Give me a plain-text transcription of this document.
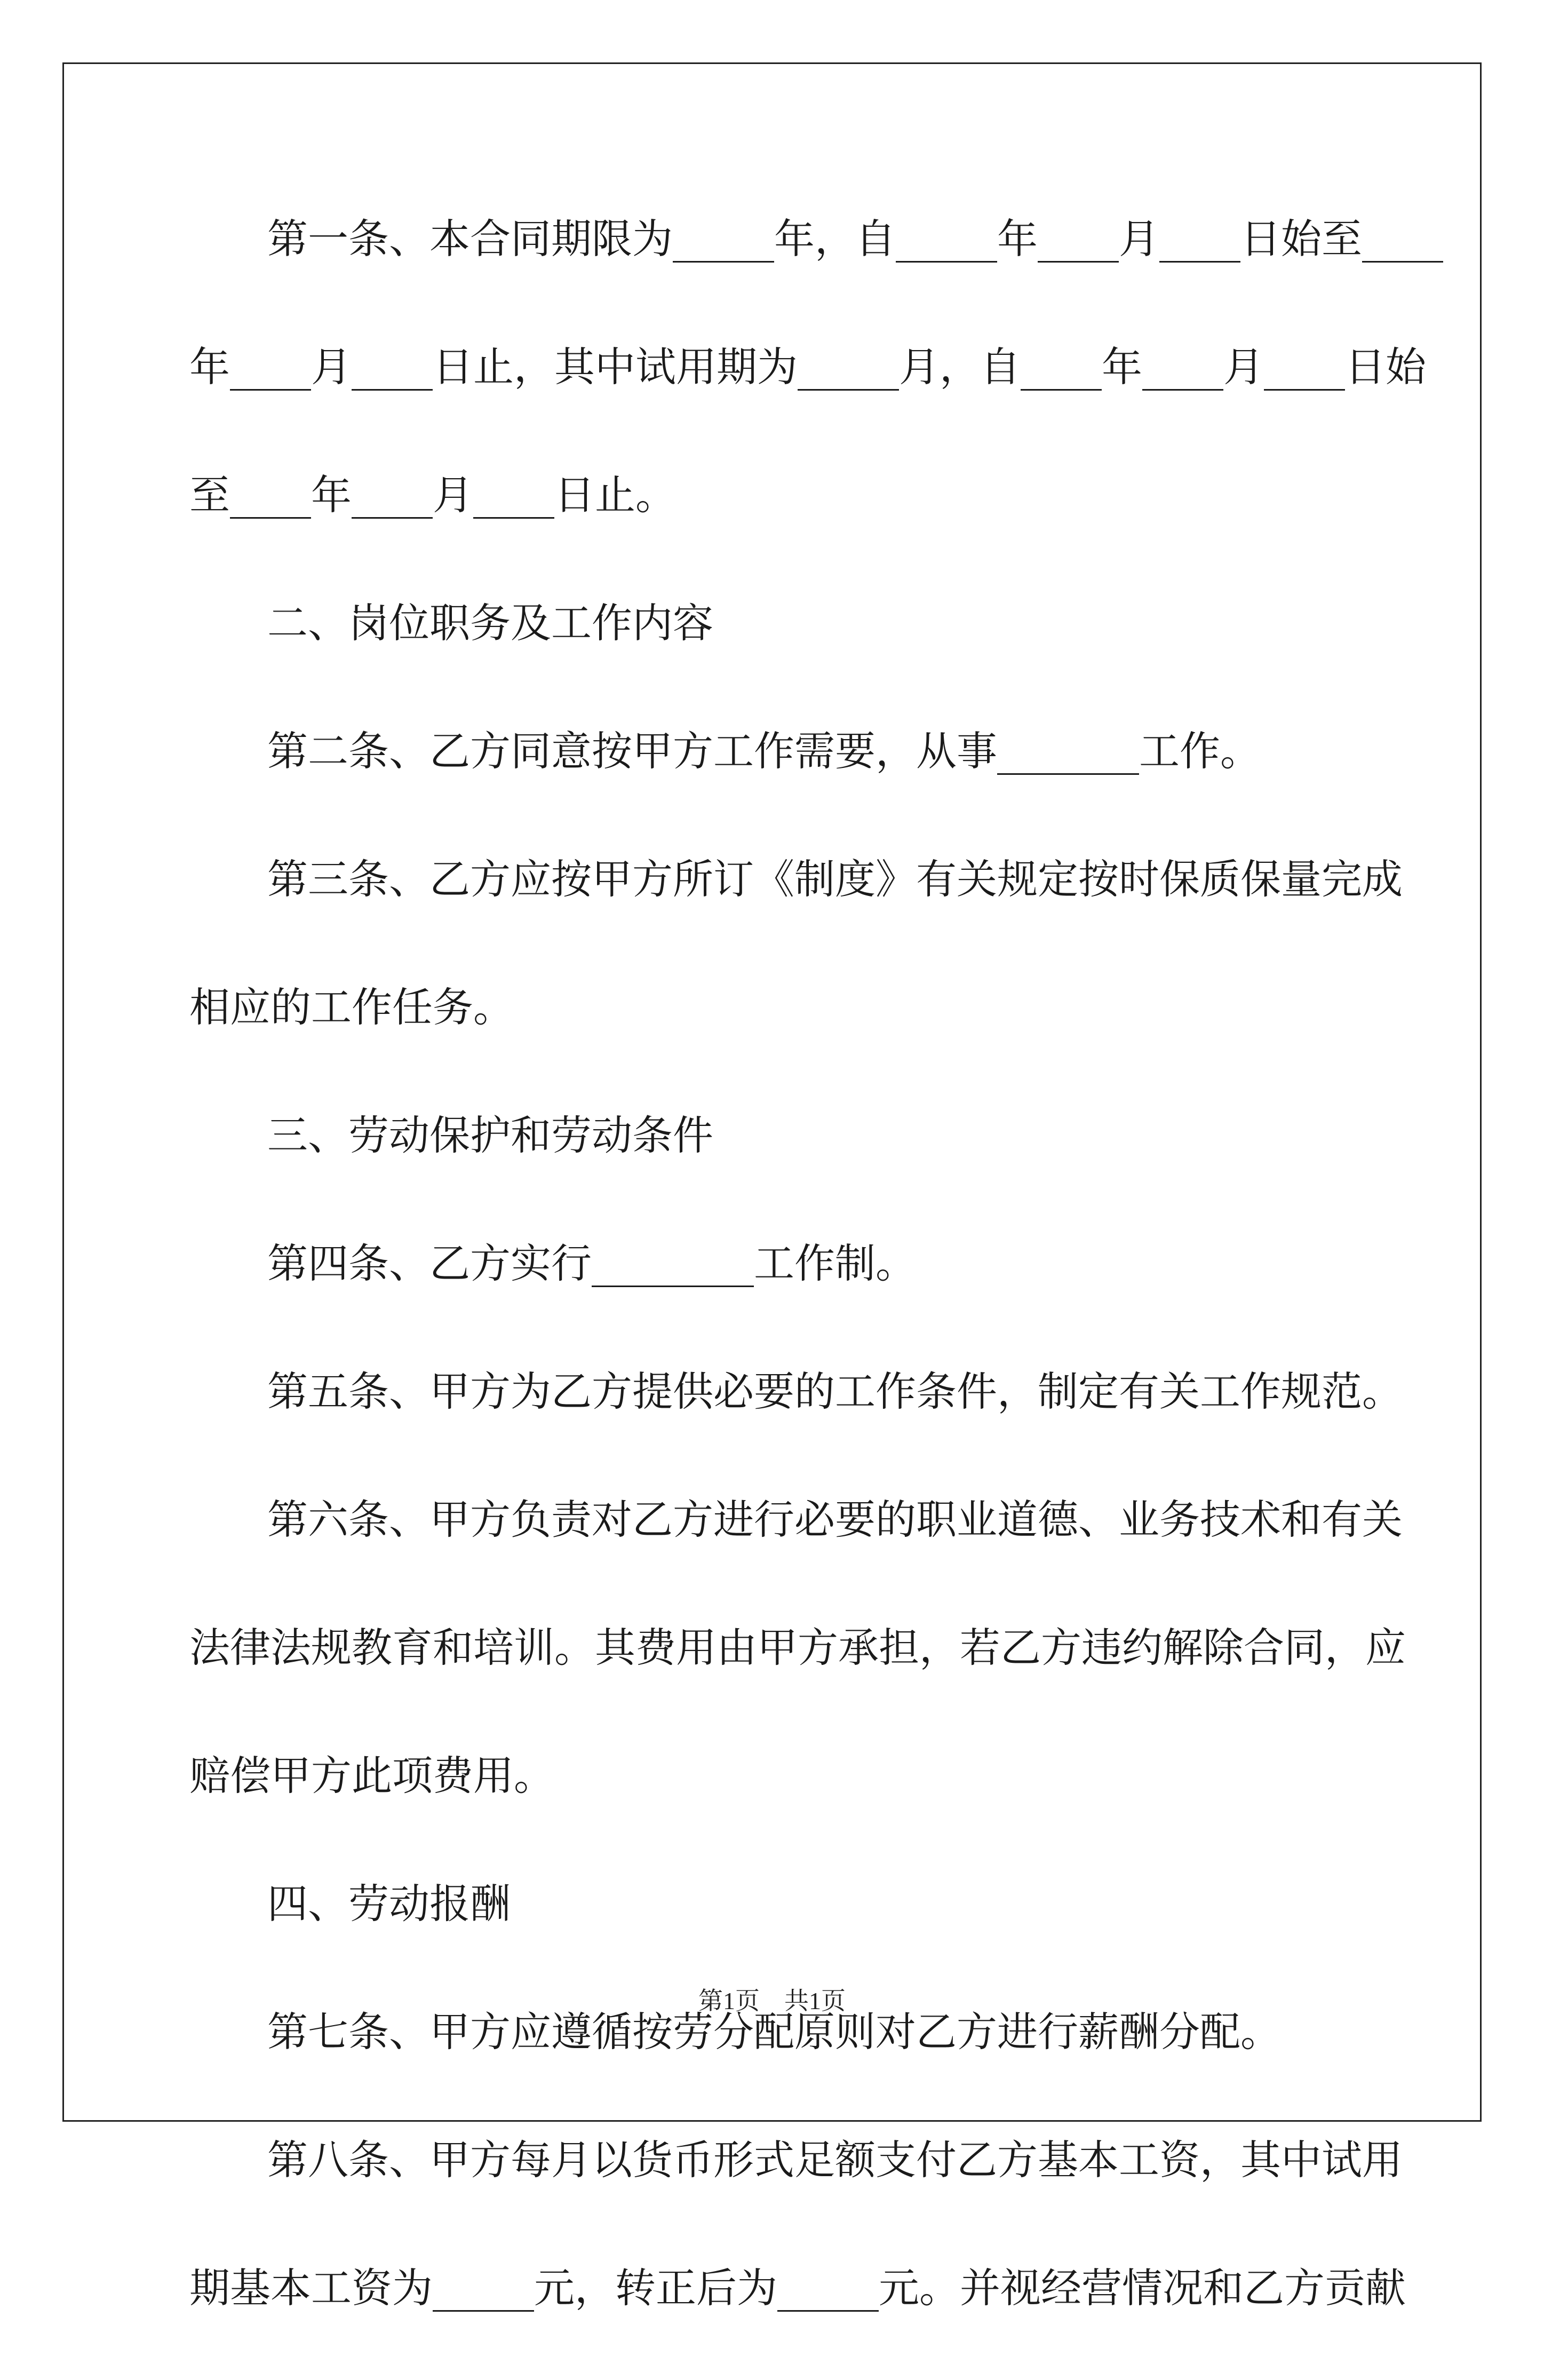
第一条、本合同期限为_____年，自_____年____月____日始至____
年____月____日止，其中试用期为_____月，自____年____月____日始
至____年____月____日止。
二、岗位职务及工作内容
第二条、乙方同意按甲方工作需要，从事_______工作。
第三条、乙方应按甲方所订《制度》有关规定按时保质保量完成
相应的工作任务。
三、劳动保护和劳动条件
第四条、乙方实行________工作制。
第五条、甲方为乙方提供必要的工作条件，制定有关工作规范。
第六条、甲方负责对乙方进行必要的职业道德、业务技术和有关
法律法规教育和培训。其费用由甲方承担，若乙方违约解除合同，应
赔偿甲方此项费用。
四、劳动报酬
第七条、甲方应遵循按劳分配原则对乙方进行薪酬分配。
第八条、甲方每月以货币形式足额支付乙方基本工资，其中试用
期基本工资为_____元，转正后为_____元。并视经营情况和乙方贡献
第1页　共1页
